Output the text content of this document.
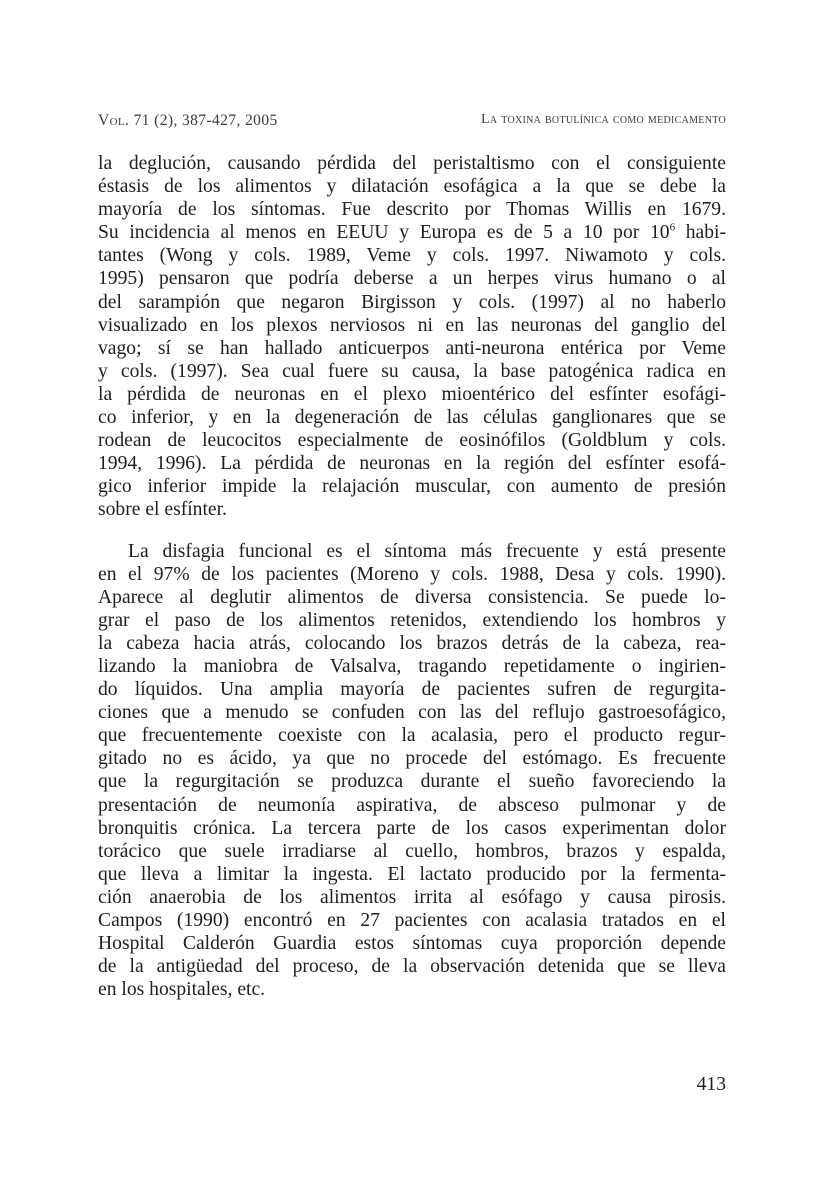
Vol. 71 (2), 387-427, 2005	La toxina botulínica como medicamento

la deglución, causando pérdida del peristaltismo con el consiguiente

éstasis de los alimentos y dilatación esofágica a la que se debe la

mayoría de los síntomas. Fue descrito por Thomas Willis en 1679.

Su incidencia al menos en EEUU y Europa es de 5 a 10 por $10^6$ habi-

tantes (Wong y cols. 1989, Veme y cols. 1997. Niwamoto y cols.

1995) pensaron que podría deberse a un herpes virus humano o al

del sarampión que negaron Birgisson y cols. (1997) al no haberlo

visualizado en los plexos nerviosos ni en las neuronas del ganglio del

vago; sí se han hallado anticuerpos anti-neurona entérica por Veme

y cols. (1997). Sea cual fuere su causa, la base patogénica radica en

la pérdida de neuronas en el plexo mioentérico del esfínter esofági-

co inferior, y en la degeneración de las células ganglionares que se

rodean de leucocitos especialmente de eosinófilos (Goldblum y cols.

1994, 1996). La pérdida de neuronas en la región del esfínter esofá-

gico inferior impide la relajación muscular, con aumento de presión

sobre el esfínter.

La disfagia funcional es el síntoma más frecuente y está presente

en el 97% de los pacientes (Moreno y cols. 1988, Desa y cols. 1990).

Aparece al deglutir alimentos de diversa consistencia. Se puede lo-

grar el paso de los alimentos retenidos, extendiendo los hombros y

la cabeza hacia atrás, colocando los brazos detrás de la cabeza, rea-

lizando la maniobra de Valsalva, tragando repetidamente o ingirien-

do líquidos. Una amplia mayoría de pacientes sufren de regurgita-

ciones que a menudo se confuden con las del reflujo gastroesofágico,

que frecuentemente coexiste con la acalasia, pero el producto regur-

gitado no es ácido, ya que no procede del estómago. Es frecuente

que la regurgitación se produzca durante el sueño favoreciendo la

presentación de neumonía aspirativa, de absceso pulmonar y de

bronquitis crónica. La tercera parte de los casos experimentan dolor

torácico que suele irradiarse al cuello, hombros, brazos y espalda,

que lleva a limitar la ingesta. El lactato producido por la fermenta-

ción anaerobia de los alimentos irrita al esófago y causa pirosis.

Campos (1990) encontró en 27 pacientes con acalasia tratados en el

Hospital Calderón Guardia estos síntomas cuya proporción depende

de la antigüedad del proceso, de la observación detenida que se lleva

en los hospitales, etc.

413
